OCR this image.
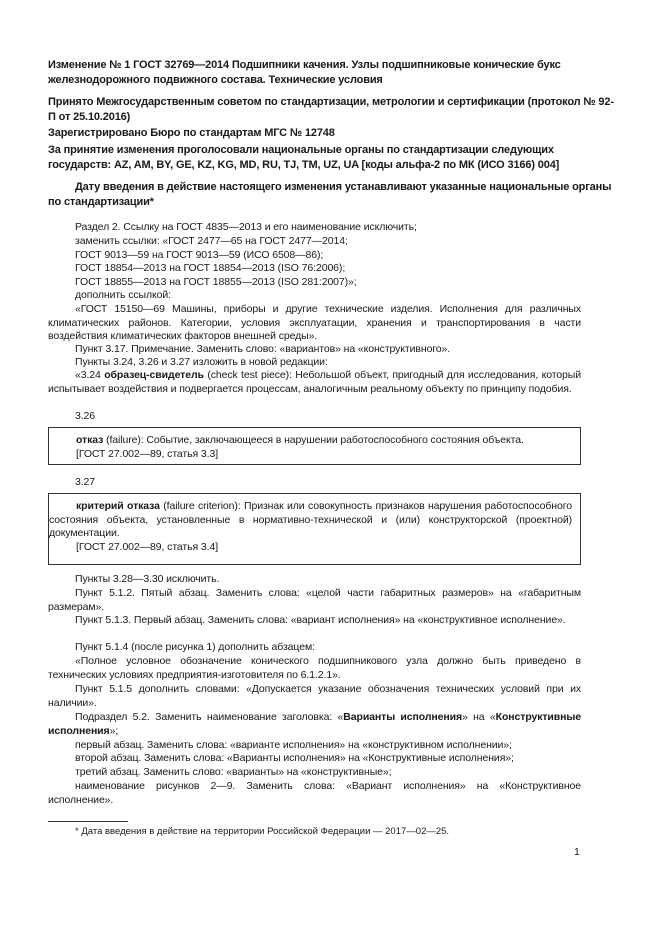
Изменение № 1 ГОСТ 32769—2014 Подшипники качения. Узлы подшипниковые конические букс железнодорожного подвижного состава. Технические условия

Принято Межгосударственным советом по стандартизации, метрологии и сертификации (протокол № 92-П от 25.10.2016)

Зарегистрировано Бюро по стандартам МГС № 12748

За принятие изменения проголосовали национальные органы по стандартизации следующих государств: AZ, AM, BY, GE, KZ, KG, MD, RU, TJ, TM, UZ, UA [коды альфа-2 по МК (ИСО 3166) 004]

Дату введения в действие настоящего изменения устанавливают указанные национальные органы по стандартизации*

Раздел 2. Ссылку на ГОСТ 4835—2013 и его наименование исключить;

заменить ссылки: «ГОСТ 2477—65 на ГОСТ 2477—2014;

ГОСТ 9013—59 на ГОСТ 9013—59 (ИСО 6508—86);

ГОСТ 18854—2013 на ГОСТ 18854—2013 (ISO 76:2006);

ГОСТ 18855—2013 на ГОСТ 18855—2013 (ISO 281:2007)»;

дополнить ссылкой:

«ГОСТ 15150—69 Машины, приборы и другие технические изделия. Исполнения для различных климатических районов. Категории, условия эксплуатации, хранения и транспортирования в части воздействия климатических факторов внешней среды».

Пункт 3.17. Примечание. Заменить слово: «вариантов» на «конструктивного».

Пункты 3.24, 3.26 и 3.27 изложить в новой редакции:

«3.24 образец-свидетель (check test piece): Небольшой объект, пригодный для исследования, который испытывает воздействия и подвергается процессам, аналогичным реальному объекту по принципу подобия.

3.26

отказ (failure): Событие, заключающееся в нарушении работоспособного состояния объекта.

[ГОСТ 27.002—89, статья 3.3]

3.27

критерий отказа (failure criterion): Признак или совокупность признаков нарушения работоспособного состояния объекта, установленные в нормативно-технической и (или) конструкторской (проектной) документации.

[ГОСТ 27.002—89, статья 3.4]

Пункты 3.28—3.30 исключить.

Пункт 5.1.2. Пятый абзац. Заменить слова: «целой части габаритных размеров» на «габаритным размерам».

Пункт 5.1.3. Первый абзац. Заменить слова: «вариант исполнения» на «конструктивное исполнение».

Пункт 5.1.4 (после рисунка 1) дополнить абзацем:

«Полное условное обозначение конического подшипникового узла должно быть приведено в технических условиях предприятия-изготовителя по 6.1.2.1».

Пункт 5.1.5 дополнить словами: «Допускается указание обозначения технических условий при их наличии».

Подраздел 5.2. Заменить наименование заголовка: «Варианты исполнения» на «Конструктивные исполнения»;

первый абзац. Заменить слова: «варианте исполнения» на «конструктивном исполнении»;

второй абзац. Заменить слова: «Варианты исполнения» на «Конструктивные исполнения»;

третий абзац. Заменить слово: «варианты» на «конструктивные»;

наименование рисунков 2—9. Заменить слова: «Вариант исполнения» на «Конструктивное исполнение».

* Дата введения в действие на территории Российской Федерации — 2017—02—25.
1
